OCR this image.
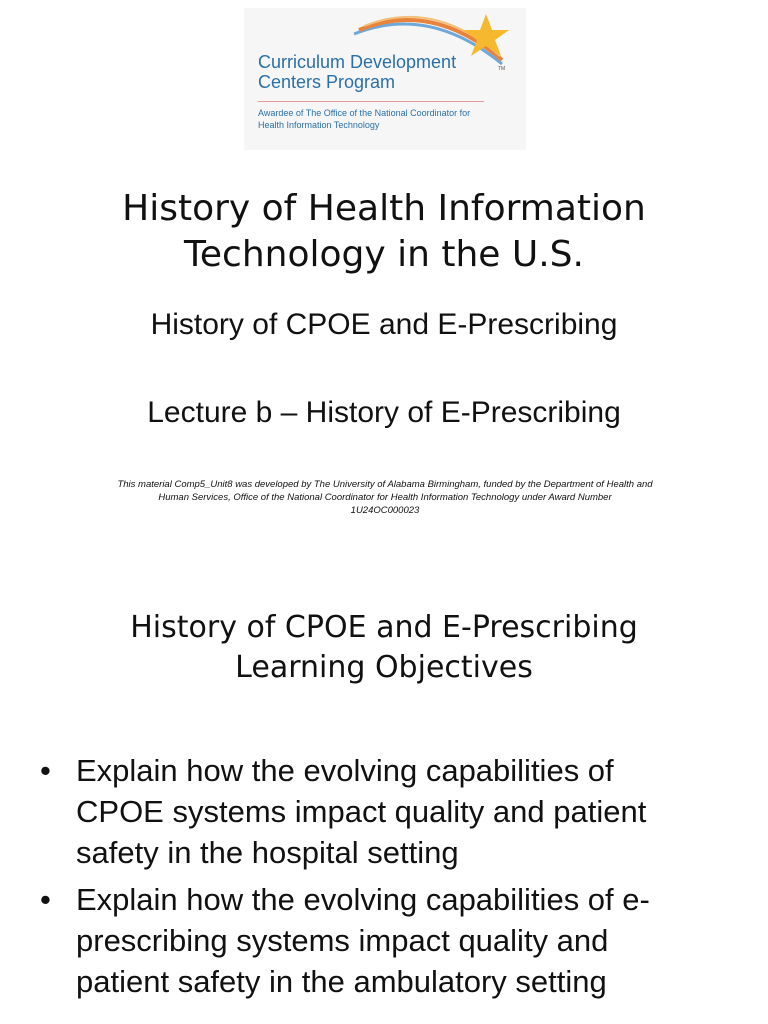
Curriculum Development
Centers Program
TM
Awardee of The Office of the National Coordinator for
Health Information Technology
History of Health Information
Technology in the U.S.

History of CPOE and E-Prescribing

Lecture b – History of E-Prescribing

This material Comp5_Unit8 was developed by The University of Alabama Birmingham, funded by the Department of Health and
Human Services, Office of the National Coordinator for Health Information Technology under Award Number
1U24OC000023

History of CPOE and E-Prescribing
Learning Objectives
• Explain how the evolving capabilities of
CPOE systems impact quality and patient
safety in the hospital setting
• Explain how the evolving capabilities of e-
prescribing systems impact quality and
patient safety in the ambulatory setting
